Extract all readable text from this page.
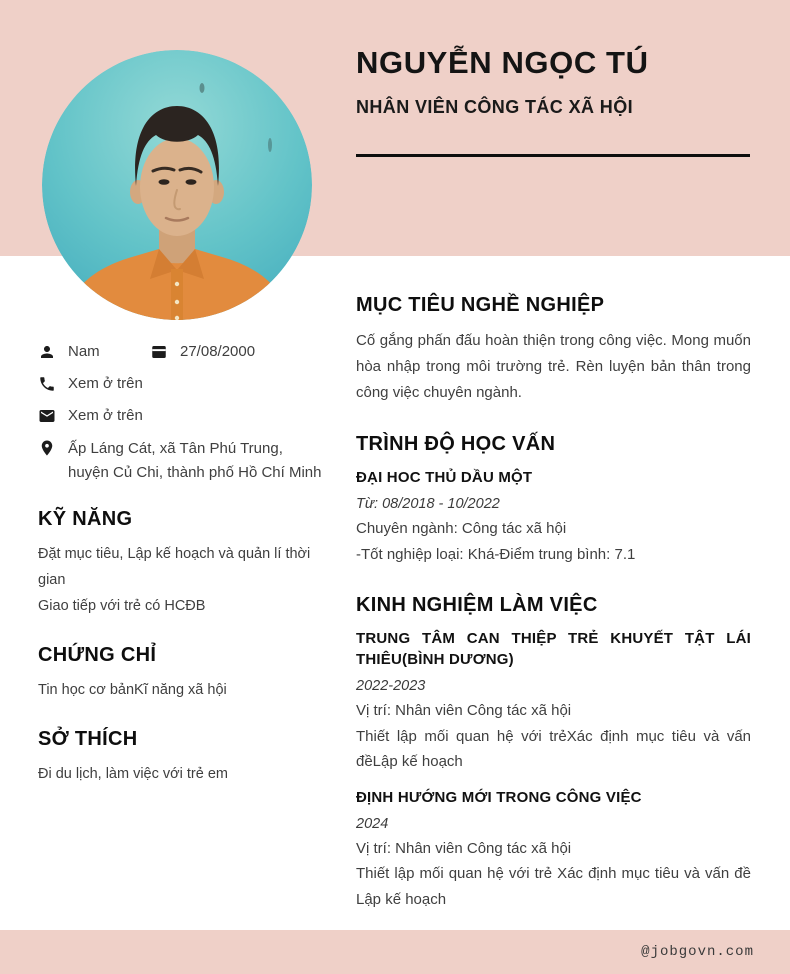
NGUYỄN NGỌC TÚ
NHÂN VIÊN CÔNG TÁC XÃ HỘI
Nam	27/08/2000
Xem ở trên
Xem ở trên
Ấp Láng Cát, xã Tân Phú Trung, huyện Củ Chi, thành phố Hồ Chí Minh
KỸ NĂNG
Đặt mục tiêu, Lập kế hoạch và quản lí thời gian
Giao tiếp với trẻ có HCĐB
CHỨNG CHỈ
Tin học cơ bảnKĩ năng xã hội
SỞ THÍCH
Đi du lịch, làm việc với trẻ em
MỤC TIÊU NGHỀ NGHIỆP

Cố gắng phấn đấu hoàn thiện trong công việc. Mong muốn hòa nhập trong môi trường trẻ. Rèn luyện bản thân trong công việc chuyên ngành.

TRÌNH ĐỘ HỌC VẤN
ĐẠI HOC THỦ DẦU MỘT
Từ: 08/2018 - 10/2022
Chuyên ngành: Công tác xã hội
-Tốt nghiệp loại: Khá-Điểm trung bình: 7.1
KINH NGHIỆM LÀM VIỆC
TRUNG TÂM CAN THIỆP TRẺ KHUYẾT TẬT LÁI THIÊU(BÌNH DƯƠNG)
2022-2023
Vị trí: Nhân viên Công tác xã hội
Thiết lập mối quan hệ với trẻXác định mục tiêu và vấn đềLập kế hoạch
ĐỊNH HƯỚNG MỚI TRONG CÔNG VIỆC
2024
Vị trí: Nhân viên Công tác xã hội
Thiết lập mối quan hệ với trẻ Xác định mục tiêu và vấn đề Lập kế hoạch
@jobgovn.com
